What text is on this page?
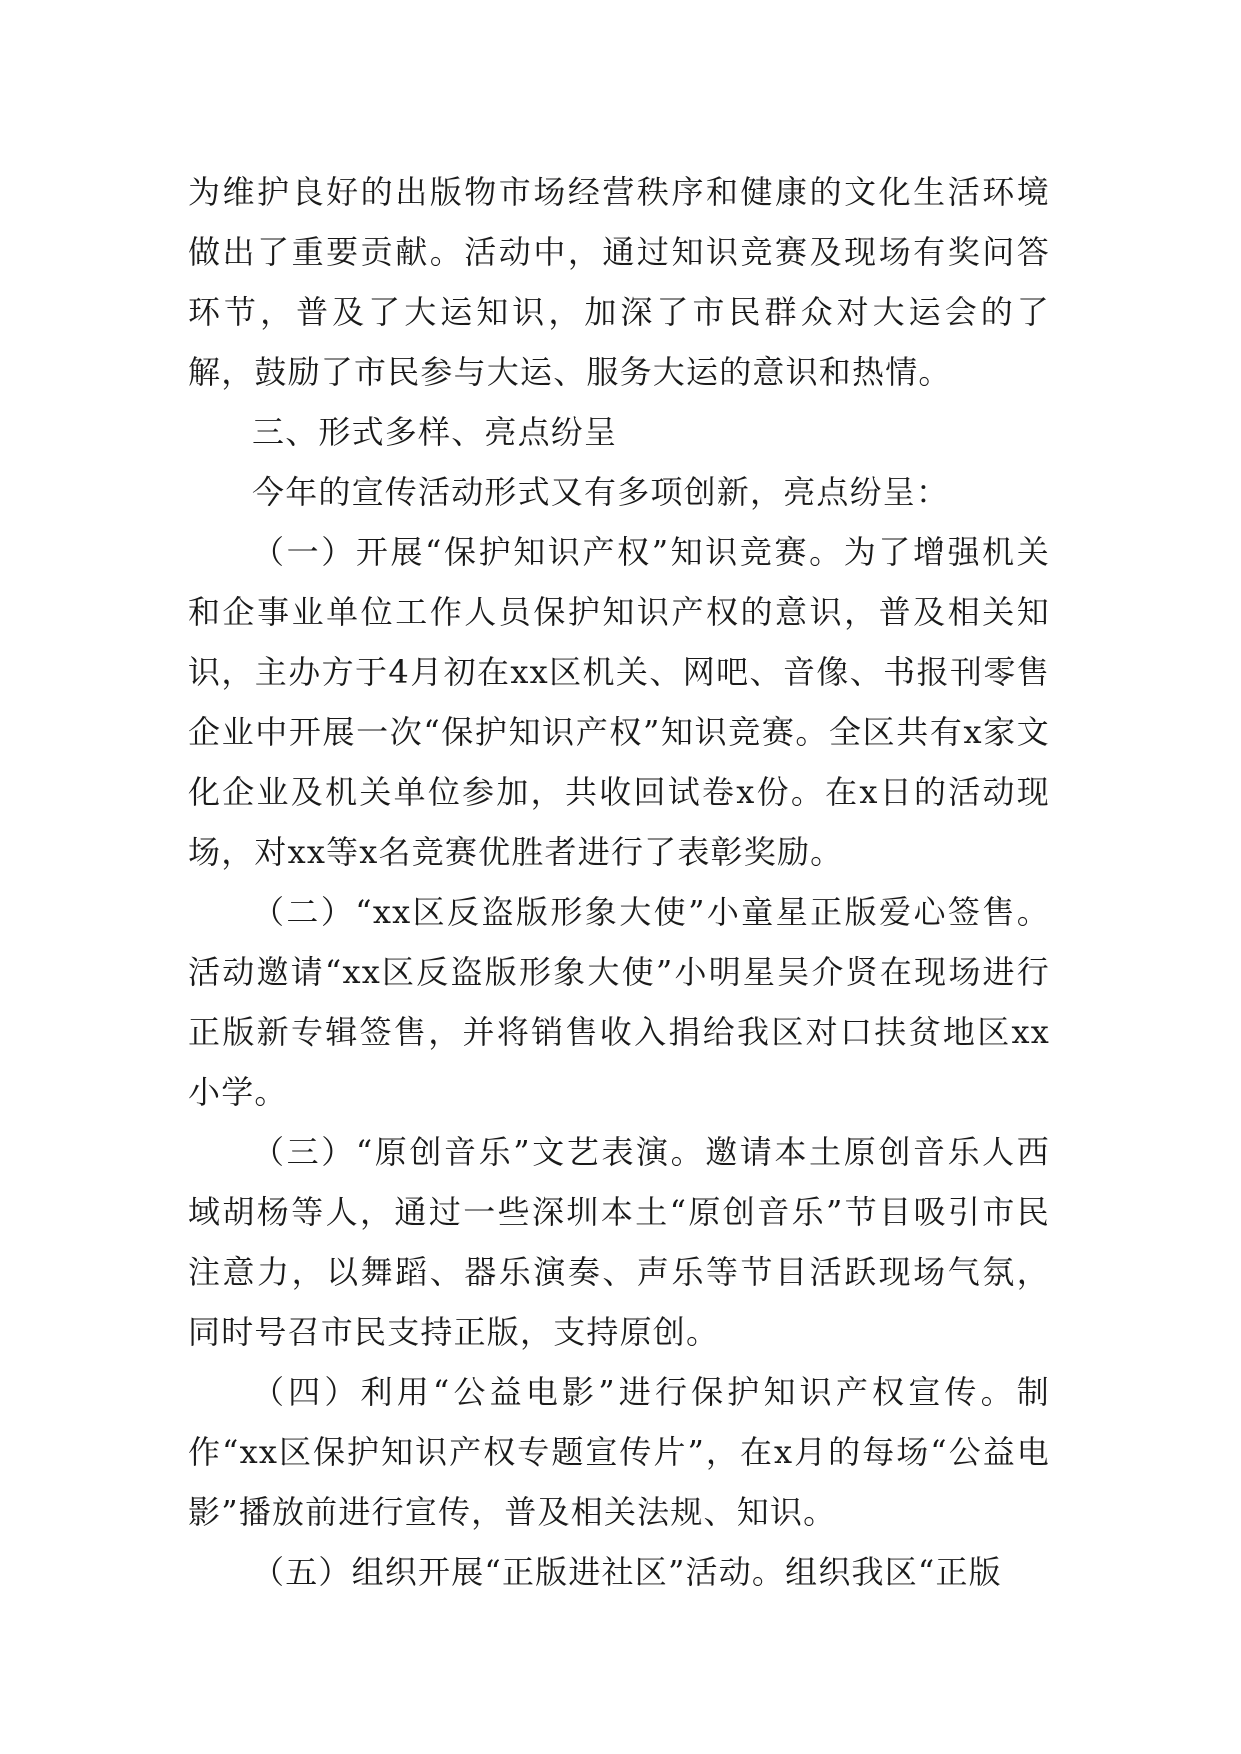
为维护良好的出版物市场经营秩序和健康的文化生活环境做出了重要贡献。活动中，通过知识竞赛及现场有奖问答环节，普及了大运知识，加深了市民群众对大运会的了解，鼓励了市民参与大运、服务大运的意识和热情。

三、形式多样、亮点纷呈

今年的宣传活动形式又有多项创新，亮点纷呈：

（一）开展“保护知识产权”知识竞赛。为了增强机关和企事业单位工作人员保护知识产权的意识，普及相关知识，主办方于4月初在xx区机关、网吧、音像、书报刊零售企业中开展一次“保护知识产权”知识竞赛。全区共有x家文化企业及机关单位参加，共收回试卷x份。在x日的活动现场，对xx等x名竞赛优胜者进行了表彰奖励。

（二）“xx区反盗版形象大使”小童星正版爱心签售。活动邀请“xx区反盗版形象大使”小明星吴介贤在现场进行正版新专辑签售，并将销售收入捐给我区对口扶贫地区xx小学。

（三）“原创音乐”文艺表演。邀请本土原创音乐人西域胡杨等人，通过一些深圳本土“原创音乐”节目吸引市民注意力，以舞蹈、器乐演奏、声乐等节目活跃现场气氛，同时号召市民支持正版，支持原创。

（四）利用“公益电影”进行保护知识产权宣传。制作“xx区保护知识产权专题宣传片”，在x月的每场“公益电影”播放前进行宣传，普及相关法规、知识。

（五）组织开展“正版进社区”活动。组织我区“正版
